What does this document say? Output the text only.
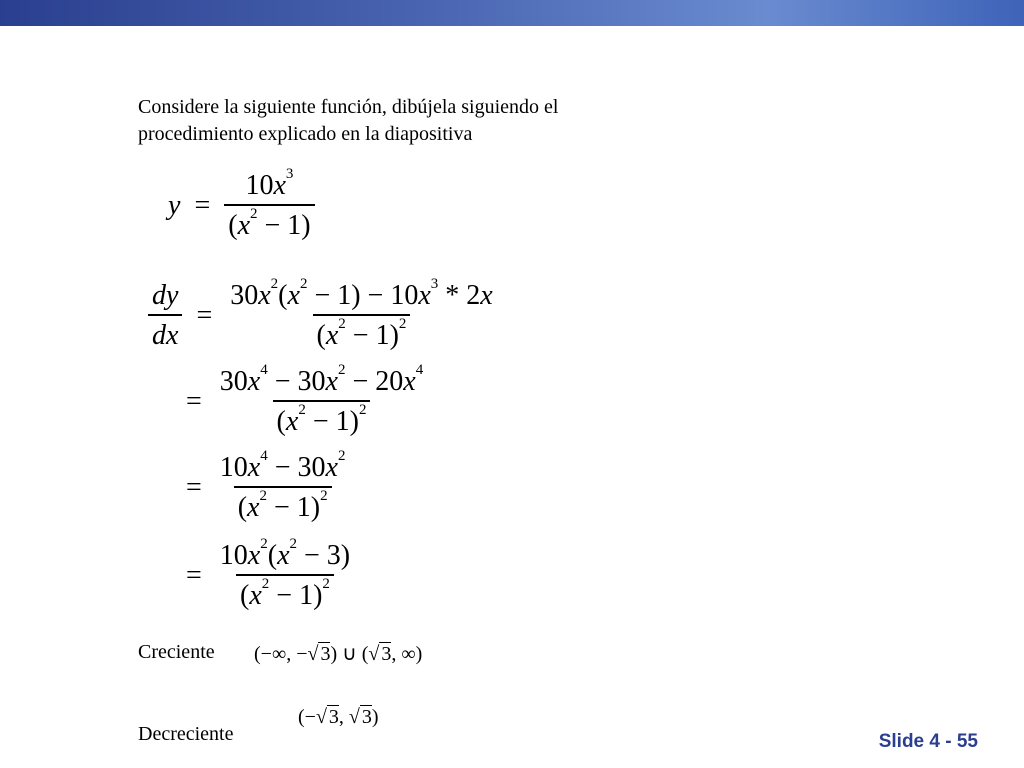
Considere la siguiente función, dibújela siguiendo el
procedimiento explicado en la diapositiva
$y = \frac{10x^3}{(x^2 - 1)}$
$\frac{dy}{dx} = \frac{30x^2(x^2 - 1) - 10x^3 * 2x}{(x^2 - 1)^2}$
= $\frac{30x^4 - 30x^2 - 20x^4}{(x^2 - 1)^2}$
= $\frac{10x^4 - 30x^2}{(x^2 - 1)^2}$
= $\frac{10x^2(x^2 - 3)}{(x^2 - 1)^2}$
Creciente (−∞, −√ 3) ∪ (√ 3, ∞)
(−√ 3, √ 3)
Decreciente	Slide 4 - 55
